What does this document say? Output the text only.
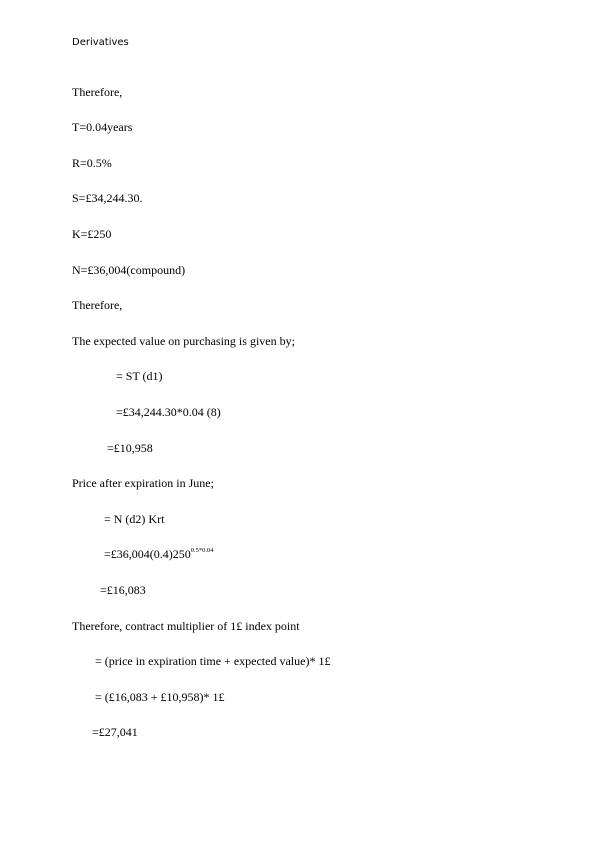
Derivatives
Therefore,
T=0.04years
R=0.5%
S=£34,244.30.
K=£250
N=£36,004(compound)
Therefore,
The expected value on purchasing is given by;
= ST (d1)
=£34,244.30*0.04 (8)
=£10,958
Price after expiration in June;
= N (d2) Krt
$=£36,004(0.4)250^{0.5*0.04}$
=£16,083
Therefore, contract multiplier of 1£ index point
= (price in expiration time + expected value)* 1£
= (£16,083 + £10,958)* 1£
=£27,041
